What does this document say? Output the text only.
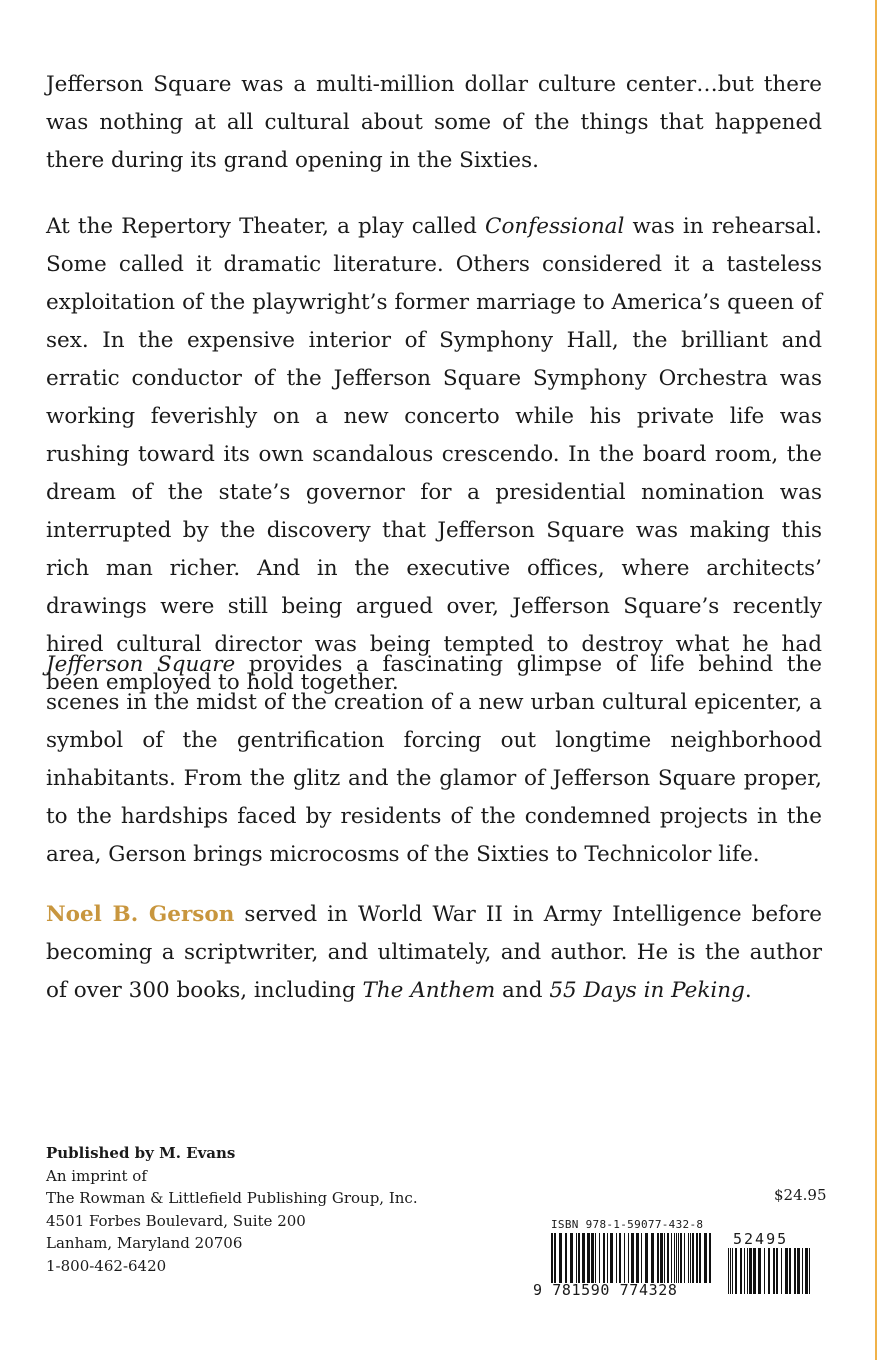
Jefferson Square was a multi-million dollar culture center…but there was nothing at all cultural about some of the things that happened there during its grand opening in the Sixties.

At the Repertory Theater, a play called Confessional was in rehearsal. Some called it dramatic literature. Others considered it a tasteless exploitation of the playwright’s former marriage to America’s queen of sex. In the expensive interior of Symphony Hall, the brilliant and erratic conductor of the Jefferson Square Symphony Orchestra was working feverishly on a new concerto while his private life was rushing toward its own scandalous crescendo. In the board room, the dream of the state’s governor for a presidential nomination was interrupted by the discovery that Jefferson Square was making this rich man richer. And in the executive offices, where architects’ drawings were still being argued over, Jefferson Square’s recently hired cultural director was being tempted to destroy what he had been employed to hold together.

Jefferson Square provides a fascinating glimpse of life behind the scenes in the midst of the creation of a new urban cultural epicenter, a symbol of the gentrification forcing out longtime neighborhood inhabitants. From the glitz and the glamor of Jefferson Square proper, to the hardships faced by residents of the condemned projects in the area, Gerson brings microcosms of the Sixties to Technicolor life.

Noel B. Gerson served in World War II in Army Intelligence before becoming a scriptwriter, and ultimately, and author. He is the author of over 300 books, including The Anthem and 55 Days in Peking.

Published by M. Evans
An imprint of
The Rowman & Littlefield Publishing Group, Inc.
4501 Forbes Boulevard, Suite 200
Lanham, Maryland 20706
1-800-462-6420
$24.95
ISBN 978-1-59077-432-8
9 781590 774328
52495
